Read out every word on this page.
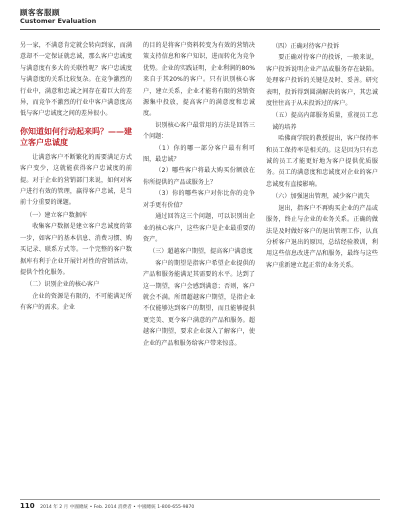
顾客客服顾
Customer Evaluation

另一家，不满意肯定就会转向到家，而满意却不一定保证就忠诚，那么客户忠诚度与满意度有多大的关联性呢？客户忠诚度与满意度的关系比较复杂。在竞争激烈的行业中，满意和忠诚之间存在着巨大的差异，而竞争不激烈的行业中客户满意度高低与客户忠诚度之间的差异很小。

你知道如何行动起来吗？——建立客户忠诚度

让满意客户不断繁化的需要满足方式客户变少，这就能获得客户忠诚度的前提。对于企业的营销部门来说，如何对客户进行有效的管理，赢得客户忠诚，是当前十分重要的课题。

（一）建立客户数据库

收集客户数据是建立客户忠诚度的第一步，如客户的基本信息、消费习惯、购买记录、联系方式等。一个完整的客户数据库有利于企业开展针对性的营销活动，提供个性化服务。

（二）识别企业的核心客户

企业的资源是有限的，不可能满足所有客户的需求。企业

的目的是将客户资料转变为有效的营销决策支持信息和客户知识，进而转化为竞争优势。企业的实践证明，企业利润的80%来自于其20%的客户。只有识别核心客户，建立关系，企业才能将有限的营销资源集中投放，提高客户的满意度和忠诚度。

识别核心客户最常用的方法是回答三个问题：

（1）你的哪一部分客户最有利可图，最忠诚？

（2）哪些客户将最大购买份额放在你所提供的产品或服务上？

（3）你的哪些客户对你比你的竞争对手更有价值？

通过回答这三个问题，可以识别出企业的核心客户，这些客户是企业最重要的资产。

（三）超越客户期望，提高客户满意度

客户的期望是指客户希望企业提供的产品和服务能满足其需要的水平。达到了这一期望，客户会感到满意；否则，客户就会不满。所谓超越客户期望，是指企业不仅能够达到客户的期望，而且能够提供更完美、更令客户满意的产品和服务。超越客户期望，要求企业深入了解客户，使企业的产品和服务给客户带来惊喜。

（四）正确对待客户投诉

要正确对待客户的投诉，一般来说，客户投诉说明企业产品或服务存在缺陷。处理客户投诉的关键是及时、妥善。研究表明，投诉得到圆满解决的客户，其忠诚度往往高于从未投诉过的客户。

（五）提高内部服务质量，重视员工忠诚的培养

哈佛商学院的教授提出，客户保持率和员工保持率是相关的。这是因为只有忠诚的员工才能更好地为客户提供优质服务。员工的满意度和忠诚度对企业的客户忠诚度有直接影响。

（六）加强退出管理，减少客户流失

退出，指客户不再购买企业的产品或服务，终止与企业的业务关系。正确的做法是及时做好客户的退出管理工作，认真分析客户退出的原因，总结经验教训，利用这些信息改进产品和服务，最终与这些客户重新建立起正常的业务关系。

110 2014 年 2 月 中國總統 • Feb. 2014 消费者 • 中國總統 1-800-655-9870
